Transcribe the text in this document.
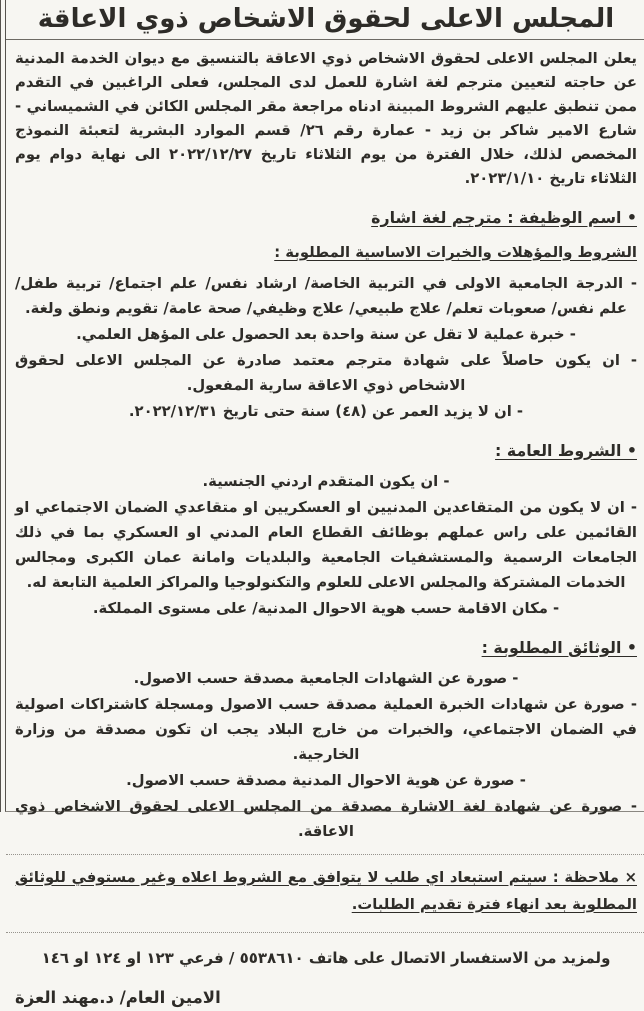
المجلس الاعلى لحقوق الاشخاص ذوي الاعاقة

يعلن المجلس الاعلى لحقوق الاشخاص ذوي الاعاقة بالتنسيق مع ديوان الخدمة المدنية عن حاجته لتعيين مترجم لغة اشارة للعمل لدى المجلس، فعلى الراغبين في التقدم ممن تنطبق عليهم الشروط المبينة ادناه مراجعة مقر المجلس الكائن في الشميساني - شارع الامير شاكر بن زيد - عمارة رقم ٢٦/ قسم الموارد البشرية لتعبئة النموذج المخصص لذلك، خلال الفترة من يوم الثلاثاء تاريخ ٢٠٢٢/١٢/٢٧ الى نهاية دوام يوم الثلاثاء تاريخ ٢٠٢٣/١/١٠.

• اسم الوظيفة : مترجم لغة اشارة
الشروط والمؤهلات والخبرات الاساسية المطلوبة :

- الدرجة الجامعية الاولى في التربية الخاصة/ ارشاد نفس/ علم اجتماع/ تربية طفل/ علم نفس/ صعوبات تعلم/ علاج طبيعي/ علاج وظيفي/ صحة عامة/ تقويم ونطق ولغة.

- خبرة عملية لا تقل عن سنة واحدة بعد الحصول على المؤهل العلمي.

- ان يكون حاصلاً على شهادة مترجم معتمد صادرة عن المجلس الاعلى لحقوق الاشخاص ذوي الاعاقة سارية المفعول.

- ان لا يزيد العمر عن (٤٨) سنة حتى تاريخ ٢٠٢٢/١٢/٣١.

• الشروط العامة :

- ان يكون المتقدم اردني الجنسية.

- ان لا يكون من المتقاعدين المدنيين او العسكريين او متقاعدي الضمان الاجتماعي او القائمين على راس عملهم بوظائف القطاع العام المدني او العسكري بما في ذلك الجامعات الرسمية والمستشفيات الجامعية والبلديات وامانة عمان الكبرى ومجالس الخدمات المشتركة والمجلس الاعلى للعلوم والتكنولوجيا والمراكز العلمية التابعة له.

- مكان الاقامة حسب هوية الاحوال المدنية/ على مستوى المملكة.

• الوثائق المطلوبة :

- صورة عن الشهادات الجامعية مصدقة حسب الاصول.

- صورة عن شهادات الخبرة العملية مصدقة حسب الاصول ومسجلة كاشتراكات اصولية في الضمان الاجتماعي، والخبرات من خارج البلاد يجب ان تكون مصدقة من وزارة الخارجية.

- صورة عن هوية الاحوال المدنية مصدقة حسب الاصول.

- صورة عن شهادة لغة الاشارة مصدقة من المجلس الاعلى لحقوق الاشخاص ذوي الاعاقة.

× ملاحظة : سيتم استبعاد اي طلب لا يتوافق مع الشروط اعلاه وغير مستوفي للوثائق المطلوبة بعد انهاء فترة تقديم الطلبات.

ولمزيد من الاستفسار الاتصال على هاتف ٥٥٣٨٦١٠ / فرعي ١٢٣ او ١٢٤ او ١٤٦

الامين العام/ د.مهند العزة
